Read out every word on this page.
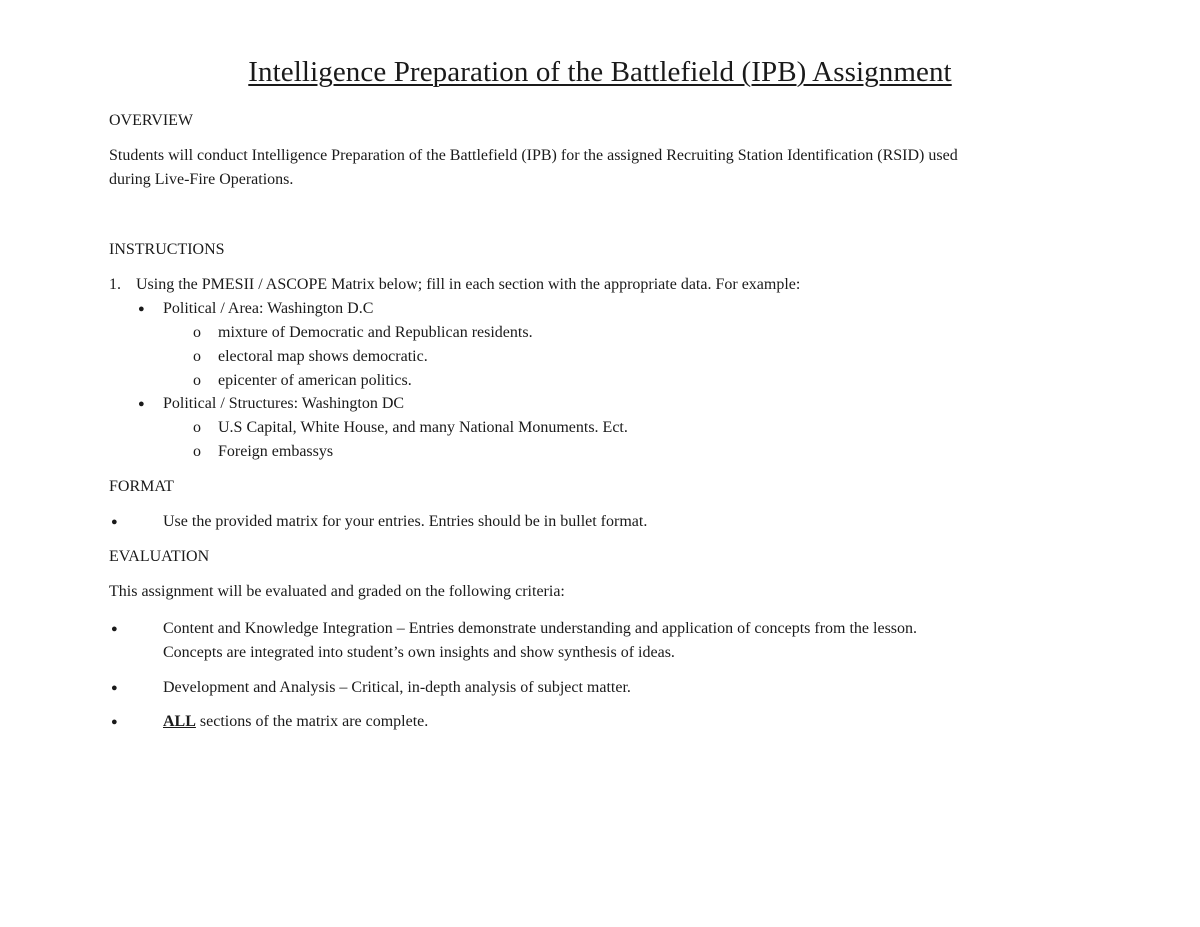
Intelligence Preparation of the Battlefield (IPB) Assignment
OVERVIEW
Students will conduct Intelligence Preparation of the Battlefield (IPB) for the assigned Recruiting Station Identification (RSID) used
during Live-Fire Operations.
INSTRUCTIONS
1. Using the PMESII / ASCOPE Matrix below; fill in each section with the appropriate data. For example:
● Political / Area: Washington D.C
o mixture of Democratic and Republican residents.
o electoral map shows democratic.
o epicenter of american politics.
● Political / Structures: Washington DC
o U.S Capital, White House, and many National Monuments. Ect.
o Foreign embassys
FORMAT
●	Use the provided matrix for your entries. Entries should be in bullet format.
EVALUATION
This assignment will be evaluated and graded on the following criteria:
●	Content and Knowledge Integration – Entries demonstrate understanding and application of concepts from the lesson.
Concepts are integrated into student’s own insights and show synthesis of ideas.
●	Development and Analysis – Critical, in-depth analysis of subject matter.
●	ALL sections of the matrix are complete.
